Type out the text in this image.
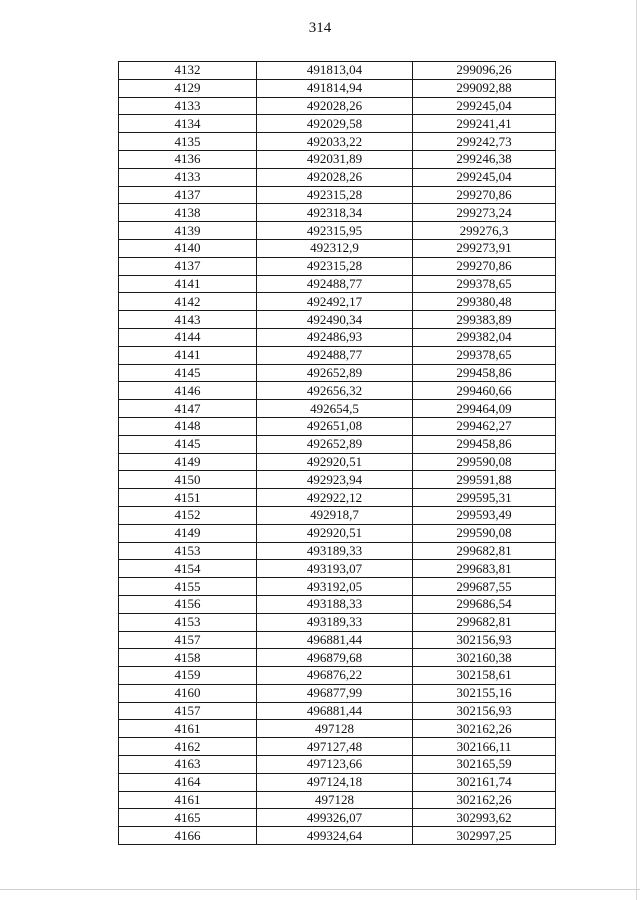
314
4132	491813,04	299096,26
4129	491814,94	299092,88
4133	492028,26	299245,04
4134	492029,58	299241,41
4135	492033,22	299242,73
4136	492031,89	299246,38
4133	492028,26	299245,04
4137	492315,28	299270,86
4138	492318,34	299273,24
4139	492315,95	299276,3
4140	492312,9	299273,91
4137	492315,28	299270,86
4141	492488,77	299378,65
4142	492492,17	299380,48
4143	492490,34	299383,89
4144	492486,93	299382,04
4141	492488,77	299378,65
4145	492652,89	299458,86
4146	492656,32	299460,66
4147	492654,5	299464,09
4148	492651,08	299462,27
4145	492652,89	299458,86
4149	492920,51	299590,08
4150	492923,94	299591,88
4151	492922,12	299595,31
4152	492918,7	299593,49
4149	492920,51	299590,08
4153	493189,33	299682,81
4154	493193,07	299683,81
4155	493192,05	299687,55
4156	493188,33	299686,54
4153	493189,33	299682,81
4157	496881,44	302156,93
4158	496879,68	302160,38
4159	496876,22	302158,61
4160	496877,99	302155,16
4157	496881,44	302156,93
4161	497128	302162,26
4162	497127,48	302166,11
4163	497123,66	302165,59
4164	497124,18	302161,74
4161	497128	302162,26
4165	499326,07	302993,62
4166	499324,64	302997,25
